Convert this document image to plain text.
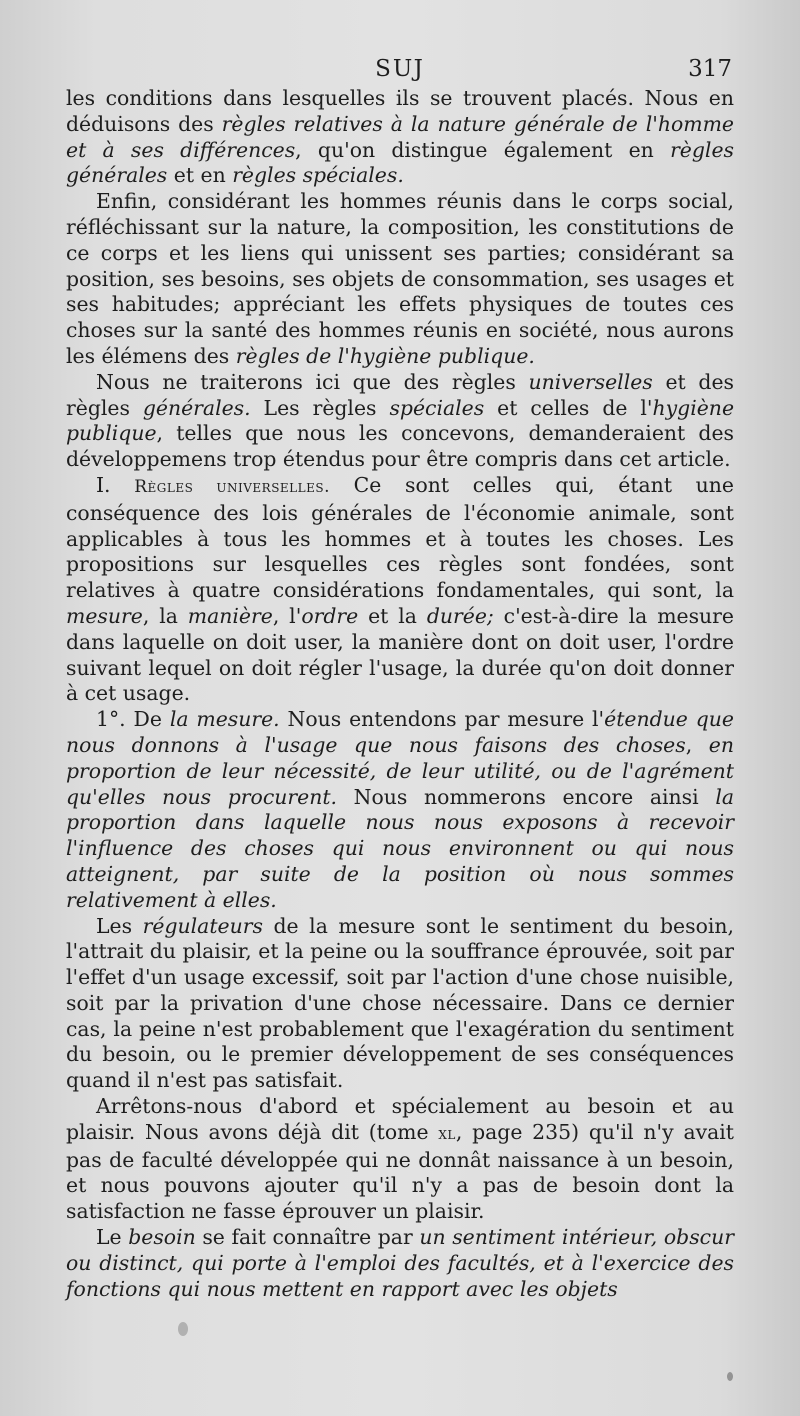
SUJ	317

les conditions dans lesquelles ils se trouvent placés. Nous en déduisons des règles relatives à la nature générale de l'homme et à ses différences, qu'on distingue également en règles générales et en règles spéciales.

Enfin, considérant les hommes réunis dans le corps social, réfléchissant sur la nature, la composition, les constitutions de ce corps et les liens qui unissent ses parties; considérant sa position, ses besoins, ses objets de consommation, ses usages et ses habitudes; appréciant les effets physiques de toutes ces choses sur la santé des hommes réunis en société, nous aurons les élémens des règles de l'hygiène publique.

Nous ne traiterons ici que des règles universelles et des règles générales. Les règles spéciales et celles de l'hygiène publique, telles que nous les concevons, demanderaient des développemens trop étendus pour être compris dans cet article.

I. Règles universelles. Ce sont celles qui, étant une conséquence des lois générales de l'économie animale, sont applicables à tous les hommes et à toutes les choses. Les propositions sur lesquelles ces règles sont fondées, sont relatives à quatre considérations fondamentales, qui sont, la mesure, la manière, l'ordre et la durée; c'est-à-dire la mesure dans laquelle on doit user, la manière dont on doit user, l'ordre suivant lequel on doit régler l'usage, la durée qu'on doit donner à cet usage.

1°. De la mesure. Nous entendons par mesure l'étendue que nous donnons à l'usage que nous faisons des choses, en proportion de leur nécessité, de leur utilité, ou de l'agrément qu'elles nous procurent. Nous nommerons encore ainsi la proportion dans laquelle nous nous exposons à recevoir l'influence des choses qui nous environnent ou qui nous atteignent, par suite de la position où nous sommes relativement à elles.

Les régulateurs de la mesure sont le sentiment du besoin, l'attrait du plaisir, et la peine ou la souffrance éprouvée, soit par l'effet d'un usage excessif, soit par l'action d'une chose nuisible, soit par la privation d'une chose nécessaire. Dans ce dernier cas, la peine n'est probablement que l'exagération du sentiment du besoin, ou le premier développement de ses conséquences quand il n'est pas satisfait.

Arrêtons-nous d'abord et spécialement au besoin et au plaisir. Nous avons déjà dit (tome xl, page 235) qu'il n'y avait pas de faculté développée qui ne donnât naissance à un besoin, et nous pouvons ajouter qu'il n'y a pas de besoin dont la satisfaction ne fasse éprouver un plaisir.

Le besoin se fait connaître par un sentiment intérieur, obscur ou distinct, qui porte à l'emploi des facultés, et à l'exercice des fonctions qui nous mettent en rapport avec les objets
